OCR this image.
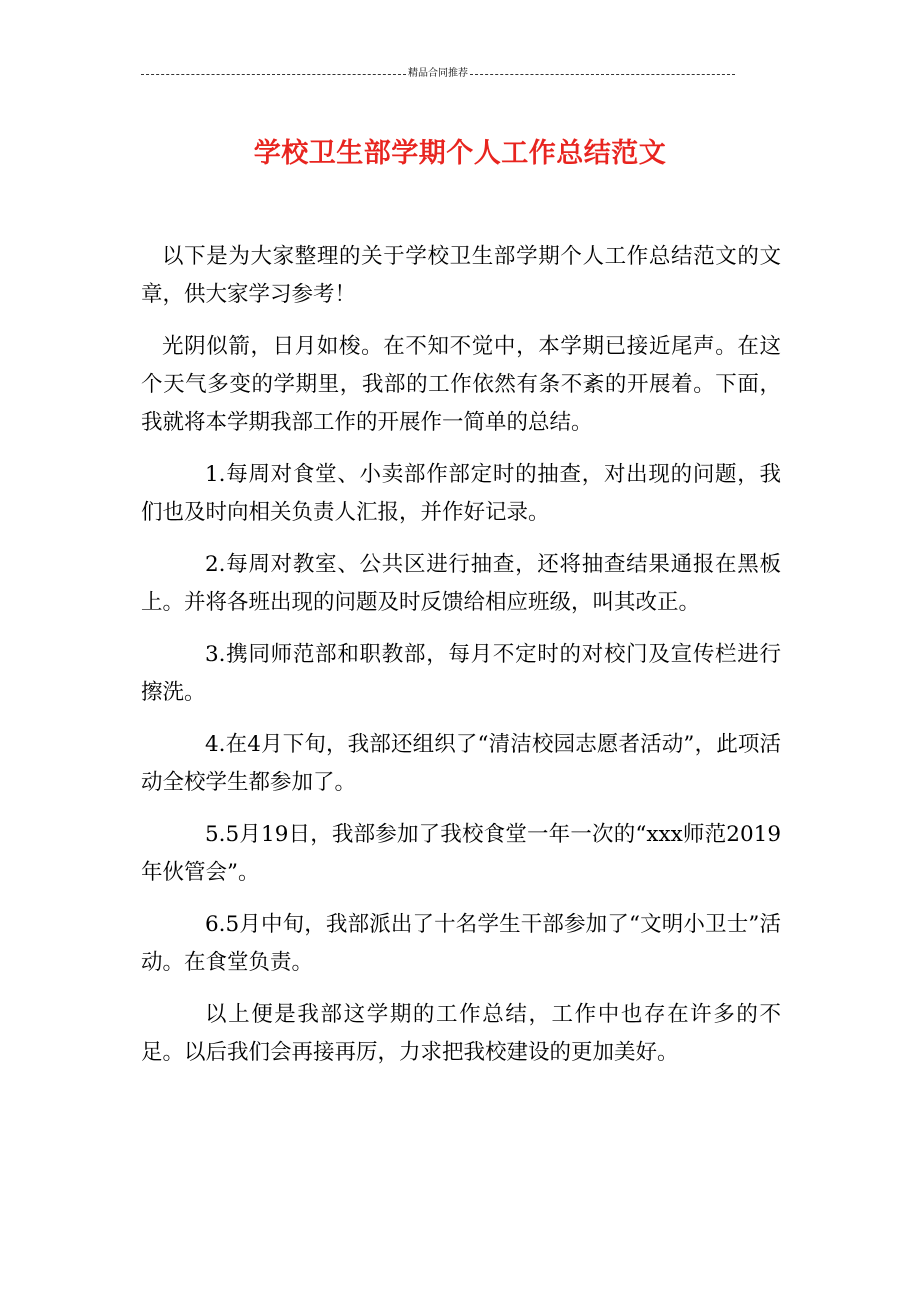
精品合同推荐
学校卫生部学期个人工作总结范文

以下是为大家整理的关于学校卫生部学期个人工作总结范文的文章，供大家学习参考！

光阴似箭，日月如梭。在不知不觉中，本学期已接近尾声。在这个天气多变的学期里，我部的工作依然有条不紊的开展着。下面，我就将本学期我部工作的开展作一简单的总结。

1.每周对食堂、小卖部作部定时的抽查，对出现的问题，我们也及时向相关负责人汇报，并作好记录。

2.每周对教室、公共区进行抽查，还将抽查结果通报在黑板上。并将各班出现的问题及时反馈给相应班级，叫其改正。

3.携同师范部和职教部，每月不定时的对校门及宣传栏进行擦洗。

4.在4月下旬，我部还组织了“清洁校园志愿者活动”，此项活动全校学生都参加了。

5.5月19日，我部参加了我校食堂一年一次的“xxx师范2019年伙管会”。

6.5月中旬，我部派出了十名学生干部参加了“文明小卫士”活动。在食堂负责。

以上便是我部这学期的工作总结，工作中也存在许多的不足。以后我们会再接再厉，力求把我校建设的更加美好。
